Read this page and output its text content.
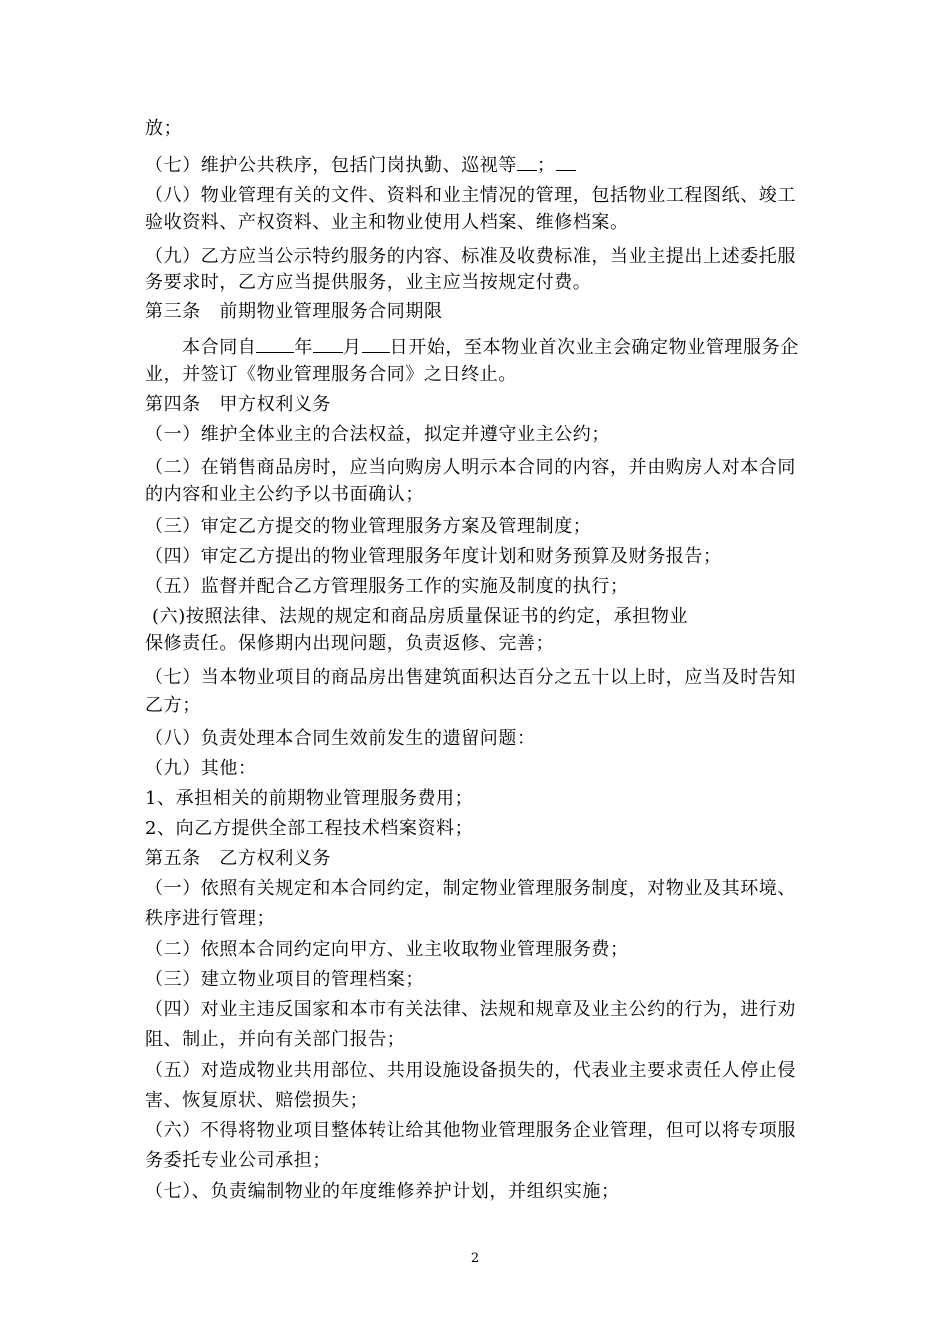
放；
（七）维护公共秩序，包括门岗执勤、巡视等 ；
（八）物业管理有关的文件、资料和业主情况的管理，包括物业工程图纸、竣工
验收资料、产权资料、业主和物业使用人档案、维修档案。
（九）乙方应当公示特约服务的内容、标准及收费标准，当业主提出上述委托服
务要求时，乙方应当提供服务，业主应当按规定付费。
第三条　前期物业管理服务合同期限
本合同自 年 月 日开始，至本物业首次业主会确定物业管理服务企
业，并签订《物业管理服务合同》之日终止。
第四条　甲方权利义务
（一）维护全体业主的合法权益，拟定并遵守业主公约；
（二）在销售商品房时，应当向购房人明示本合同的内容，并由购房人对本合同
的内容和业主公约予以书面确认；
（三）审定乙方提交的物业管理服务方案及管理制度；
（四）审定乙方提出的物业管理服务年度计划和财务预算及财务报告；
（五）监督并配合乙方管理服务工作的实施及制度的执行；
(六)按照法律、法规的规定和商品房质量保证书的约定，承担物业
保修责任。保修期内出现问题，负责返修、完善；
（七）当本物业项目的商品房出售建筑面积达百分之五十以上时，应当及时告知
乙方；
（八）负责处理本合同生效前发生的遗留问题：
（九）其他：
1、承担相关的前期物业管理服务费用；
2、向乙方提供全部工程技术档案资料；
第五条　乙方权利义务
（一）依照有关规定和本合同约定，制定物业管理服务制度，对物业及其环境、
秩序进行管理；
（二）依照本合同约定向甲方、业主收取物业管理服务费；
（三）建立物业项目的管理档案；
（四）对业主违反国家和本市有关法律、法规和规章及业主公约的行为，进行劝
阻、制止，并向有关部门报告；
（五）对造成物业共用部位、共用设施设备损失的，代表业主要求责任人停止侵
害、恢复原状、赔偿损失；
（六）不得将物业项目整体转让给其他物业管理服务企业管理，但可以将专项服
务委托专业公司承担；
（七）、负责编制物业的年度维修养护计划，并组织实施；
2
